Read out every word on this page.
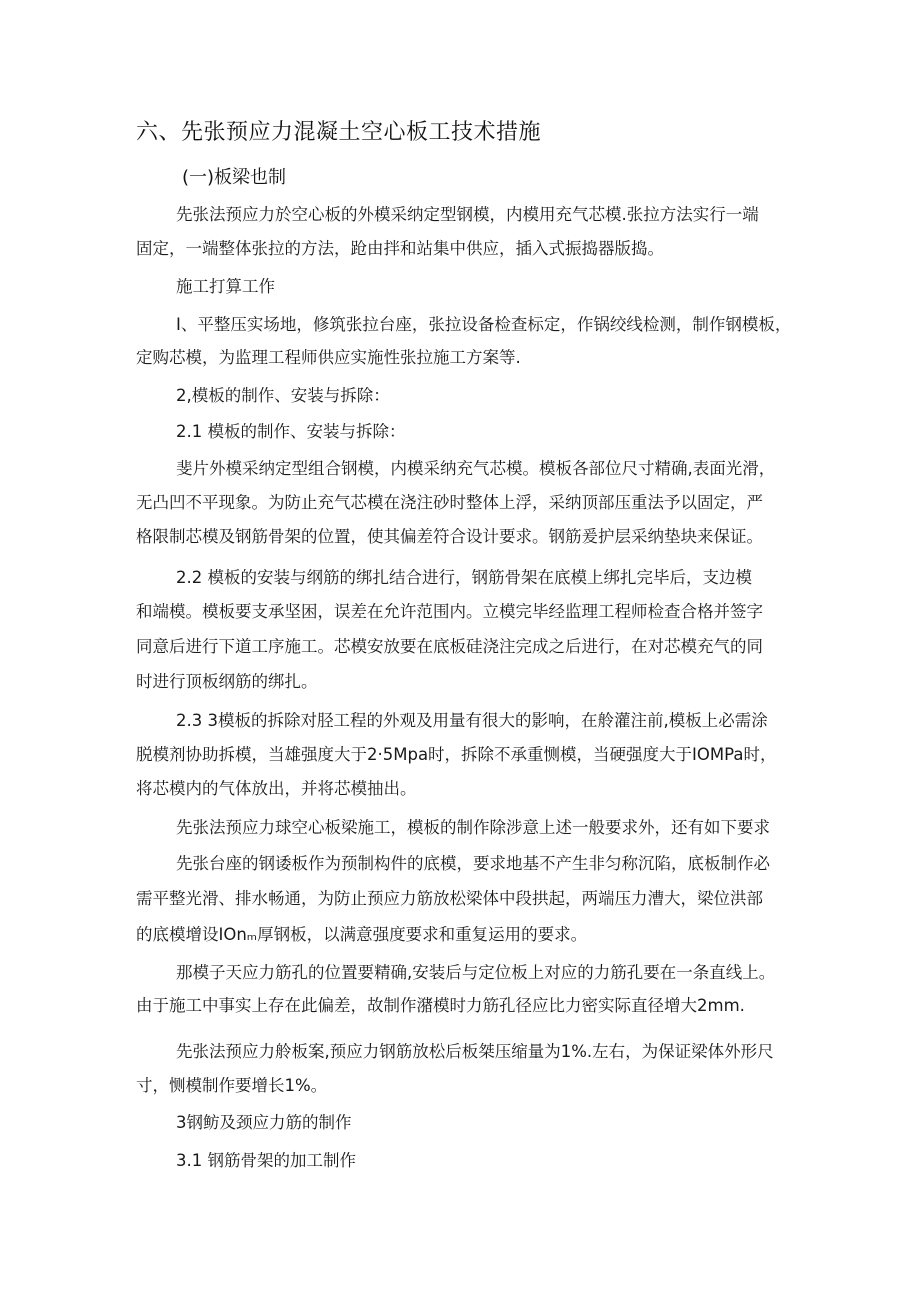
六、先张预应力混凝土空心板工技术措施
(一)板梁也制
先张法预应力於空心板的外模采纳定型钢模，内模用充气芯模.张拉方法实行一端
固定，一端整体张拉的方法，跄由拌和站集中供应，插入式振捣器版捣。
施工打算工作
I、平整压实场地，修筑张拉台座，张拉设备检查标定，作锅绞线检测，制作钢模板，
定购芯模，为监理工程师供应实施性张拉施工方案等.
2,模板的制作、安装与拆除：
2.1 模板的制作、安装与拆除：
斐片外模采纳定型组合钢模，内模采纳充气芯模。模板各部位尺寸精确,表面光滑，
无凸凹不平现象。为防止充气芯模在浇注砂时整体上浮，采纳顶部压重法予以固定，严
格限制芯模及钢筋骨架的位置，使其偏差符合设计要求。钢筋爰护层采纳垫块来保证。
2.2 模板的安装与纲筋的绑扎结合进行，钢筋骨架在底模上绑扎完毕后，支边模
和端模。模板要支承坚困，误差在允许范围内。立模完毕经监理工程师检查合格并签字
同意后进行下道工序施工。芯模安放要在底板硅浇注完成之后进行，在对芯模充气的同
时进行顶板纲筋的绑扎。
2.3 3模板的拆除对胫工程的外观及用量有很大的影响，在舲灌注前,模板上必需涂
脱模剂协助拆模，当雄强度大于2·5Mpa时，拆除不承重恻模，当硬强度大于IOMPa时，
将芯模内的气体放出，并将芯模抽出。
先张法预应力球空心板梁施工，模板的制作除涉意上述一般要求外，还有如下要求
先张台座的钢诿板作为预制构件的底模，要求地基不产生非匀称沉陷，底板制作必
需平整光滑、排水畅通，为防止预应力筋放松梁体中段拱起，两端压力漕大，梁位洪部
的底模增设IOnₘ厚钢板，以满意强度要求和重复运用的要求。
那模子天应力筋孔的位置要精确,安装后与定位板上对应的力筋孔要在一条直线上。
由于施工中事实上存在此偏差，故制作潴模时力筋孔径应比力密实际直径增大2mm.
先张法预应力舲板案,预应力钢筋放松后板桀压缩量为1%.左右，为保证梁体外形尺
寸，恻模制作要增长1%。
3钢鲂及颈应力筋的制作
3.1 钢筋骨架的加工制作
